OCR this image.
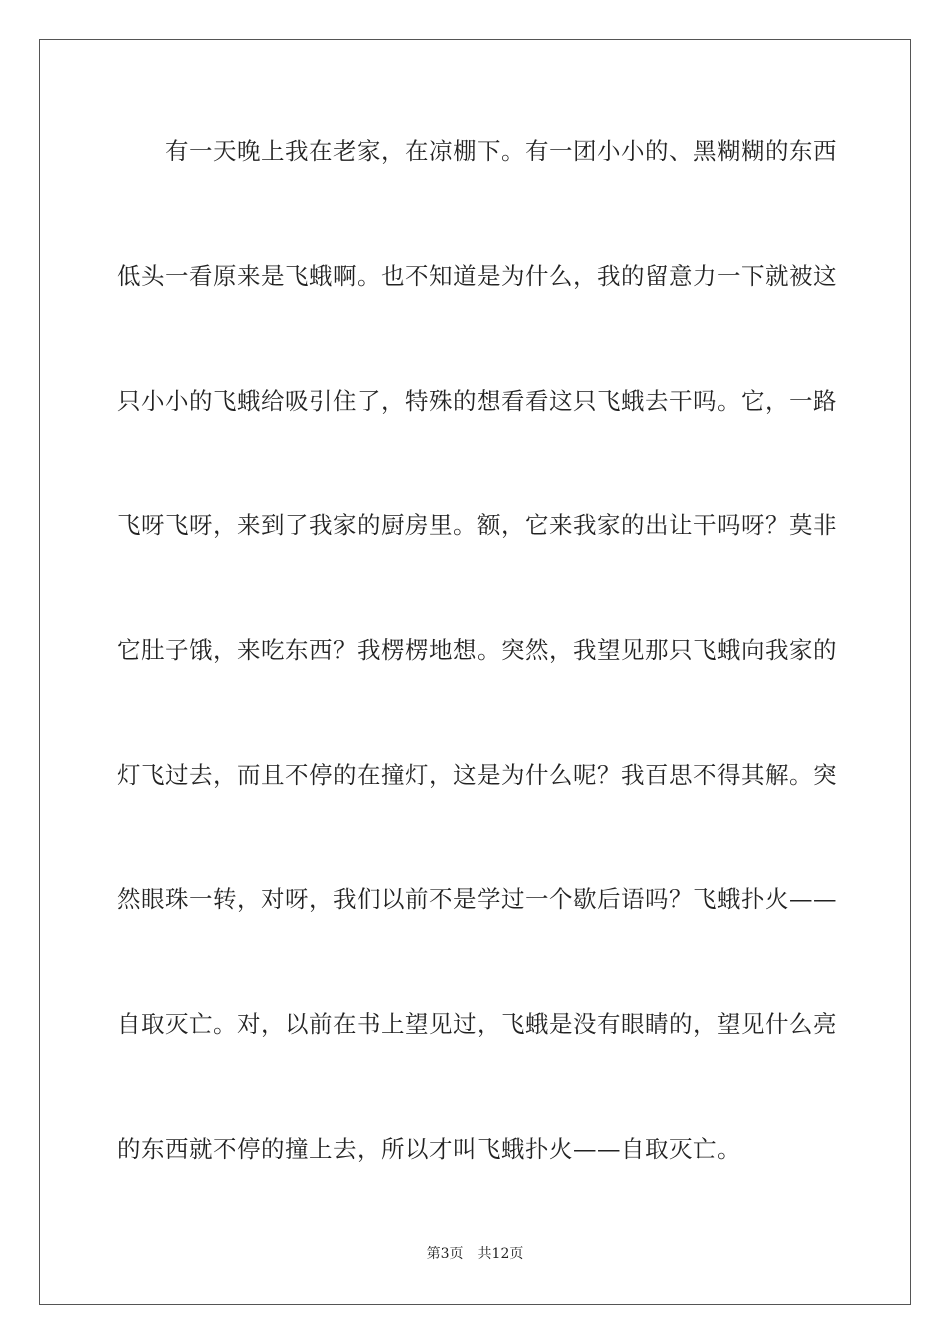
　　有一天晚上我在老家，在凉棚下。有一团小小的、黑糊糊的东西
低头一看原来是飞蛾啊。也不知道是为什么，我的留意力一下就被这
只小小的飞蛾给吸引住了，特殊的想看看这只飞蛾去干吗。它，一路
飞呀飞呀，来到了我家的厨房里。额，它来我家的出让干吗呀？莫非
它肚子饿，来吃东西？我楞楞地想。突然，我望见那只飞蛾向我家的
灯飞过去，而且不停的在撞灯，这是为什么呢？我百思不得其解。突
然眼珠一转，对呀，我们以前不是学过一个歇后语吗？飞蛾扑火——
自取灭亡。对，以前在书上望见过，飞蛾是没有眼睛的，望见什么亮
的东西就不停的撞上去，所以才叫飞蛾扑火——自取灭亡。
第3页 共12页
